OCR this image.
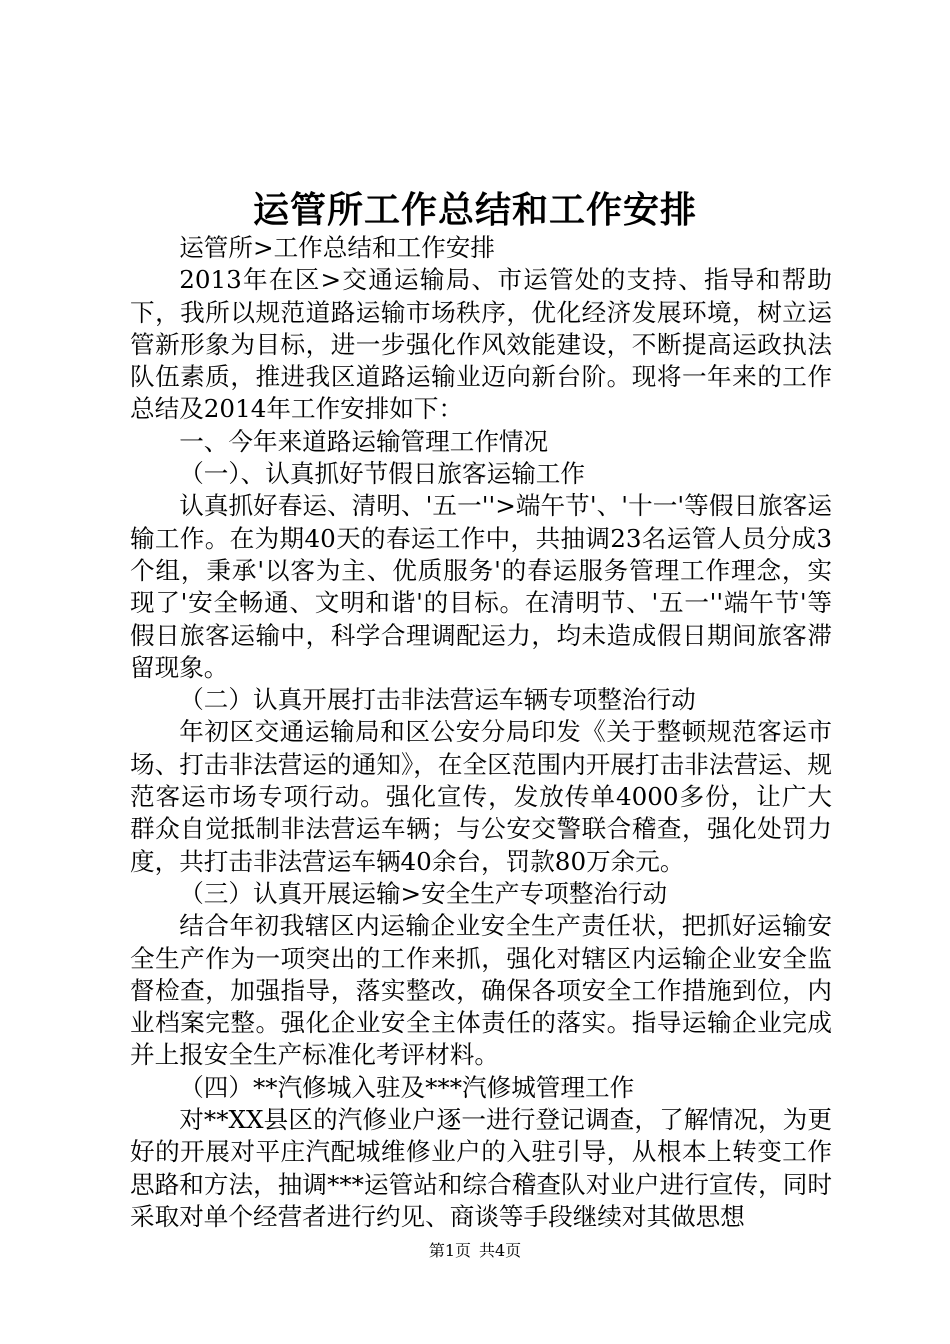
运管所工作总结和工作安排

运管所>工作总结和工作安排

2013年在区>交通运输局、市运管处的支持、指导和帮助下，我所以规范道路运输市场秩序，优化经济发展环境，树立运管新形象为目标，进一步强化作风效能建设，不断提高运政执法队伍素质，推进我区道路运输业迈向新台阶。现将一年来的工作总结及2014年工作安排如下：

一、今年来道路运输管理工作情况

（一）、认真抓好节假日旅客运输工作

认真抓好春运、清明、'五一''>端午节'、'十一'等假日旅客运输工作。在为期40天的春运工作中，共抽调23名运管人员分成3个组，秉承'以客为主、优质服务'的春运服务管理工作理念，实现了'安全畅通、文明和谐'的目标。在清明节、'五一''端午节'等假日旅客运输中，科学合理调配运力，均未造成假日期间旅客滞留现象。

（二）认真开展打击非法营运车辆专项整治行动

年初区交通运输局和区公安分局印发《关于整顿规范客运市场、打击非法营运的通知》，在全区范围内开展打击非法营运、规范客运市场专项行动。强化宣传，发放传单4000多份，让广大群众自觉抵制非法营运车辆；与公安交警联合稽查，强化处罚力度，共打击非法营运车辆40余台，罚款80万余元。

（三）认真开展运输>安全生产专项整治行动

结合年初我辖区内运输企业安全生产责任状，把抓好运输安全生产作为一项突出的工作来抓，强化对辖区内运输企业安全监督检查，加强指导，落实整改，确保各项安全工作措施到位，内业档案完整。强化企业安全主体责任的落实。指导运输企业完成并上报安全生产标准化考评材料。

（四）**汽修城入驻及***汽修城管理工作

对**XX县区的汽修业户逐一进行登记调查，了解情况，为更好的开展对平庄汽配城维修业户的入驻引导，从根本上转变工作思路和方法，抽调***运管站和综合稽查队对业户进行宣传，同时采取对单个经营者进行约见、商谈等手段继续对其做思想

第1页 共4页
